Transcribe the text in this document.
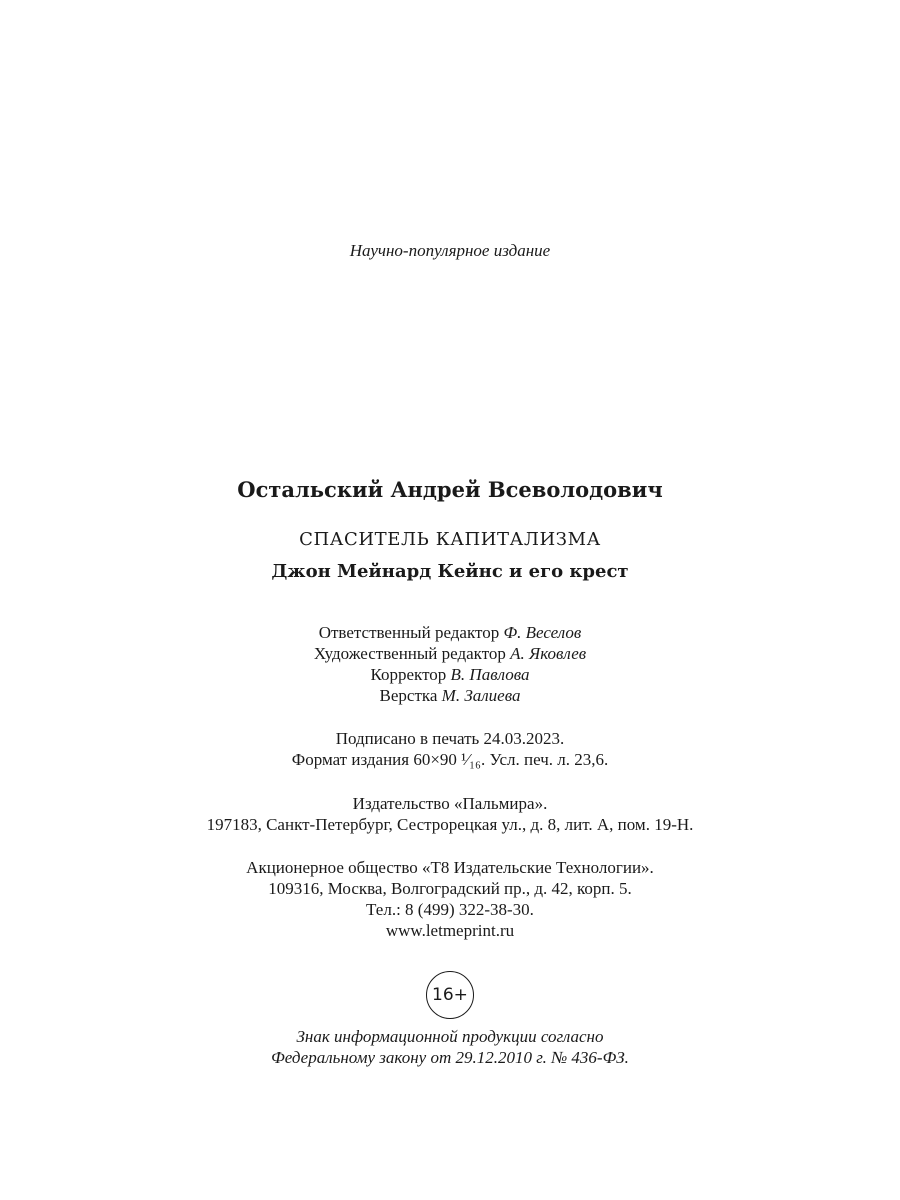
Научно-популярное издание
Остальский Андрей Всеволодович
СПАСИТЕЛЬ КАПИТАЛИЗМА
Джон Мейнард Кейнс и его крест
Ответственный редактор Ф. Веселов
Художественный редактор А. Яковлев
Корректор В. Павлова
Верстка М. Залиева
Подписано в печать 24.03.2023.
Формат издания 60×90 ¹⁄₁₆. Усл. печ. л. 23,6.
Издательство «Пальмира».
197183, Санкт-Петербург, Сестрорецкая ул., д. 8, лит. А, пом. 19-Н.
Акционерное общество «Т8 Издательские Технологии».
109316, Москва, Волгоградский пр., д. 42, корп. 5.
Тел.: 8 (499) 322-38-30.
www.letmeprint.ru
16+
Знак информационной продукции согласно
Федеральному закону от 29.12.2010 г. № 436-ФЗ.
